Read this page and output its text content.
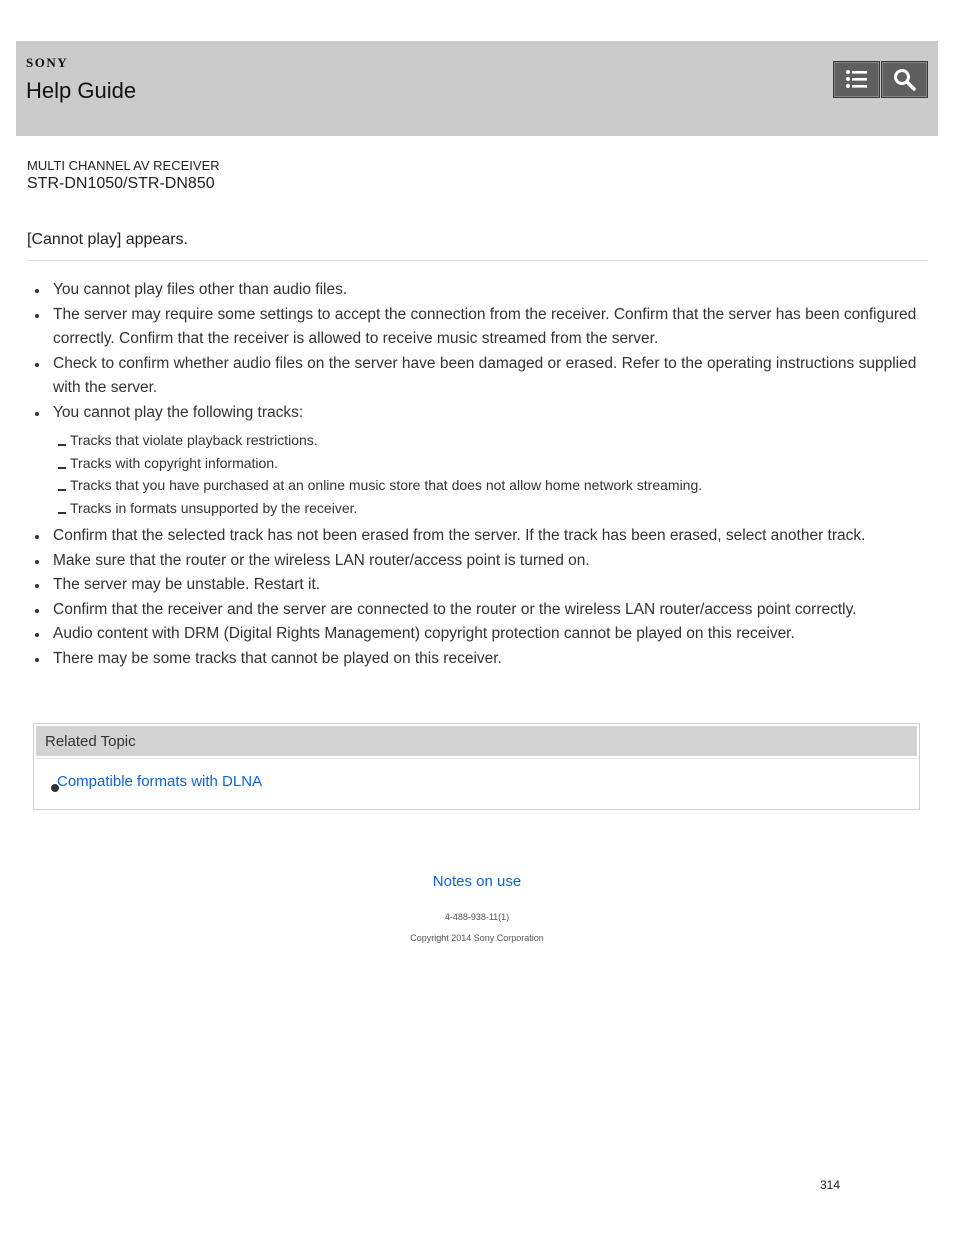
SONY
Help Guide
MULTI CHANNEL AV RECEIVER
STR-DN1050/STR-DN850
[Cannot play] appears.
You cannot play files other than audio files.
The server may require some settings to accept the connection from the receiver. Confirm that the server has been configured correctly. Confirm that the receiver is allowed to receive music streamed from the server.
Check to confirm whether audio files on the server have been damaged or erased. Refer to the operating instructions supplied with the server.
You cannot play the following tracks:
Tracks that violate playback restrictions.
Tracks with copyright information.
Tracks that you have purchased at an online music store that does not allow home network streaming.
Tracks in formats unsupported by the receiver.
Confirm that the selected track has not been erased from the server. If the track has been erased, select another track.
Make sure that the router or the wireless LAN router/access point is turned on.
The server may be unstable. Restart it.
Confirm that the receiver and the server are connected to the router or the wireless LAN router/access point correctly.
Audio content with DRM (Digital Rights Management) copyright protection cannot be played on this receiver.
There may be some tracks that cannot be played on this receiver.
Related Topic
Compatible formats with DLNA
Notes on use
4-488-938-11(1)
Copyright 2014 Sony Corporation
314
